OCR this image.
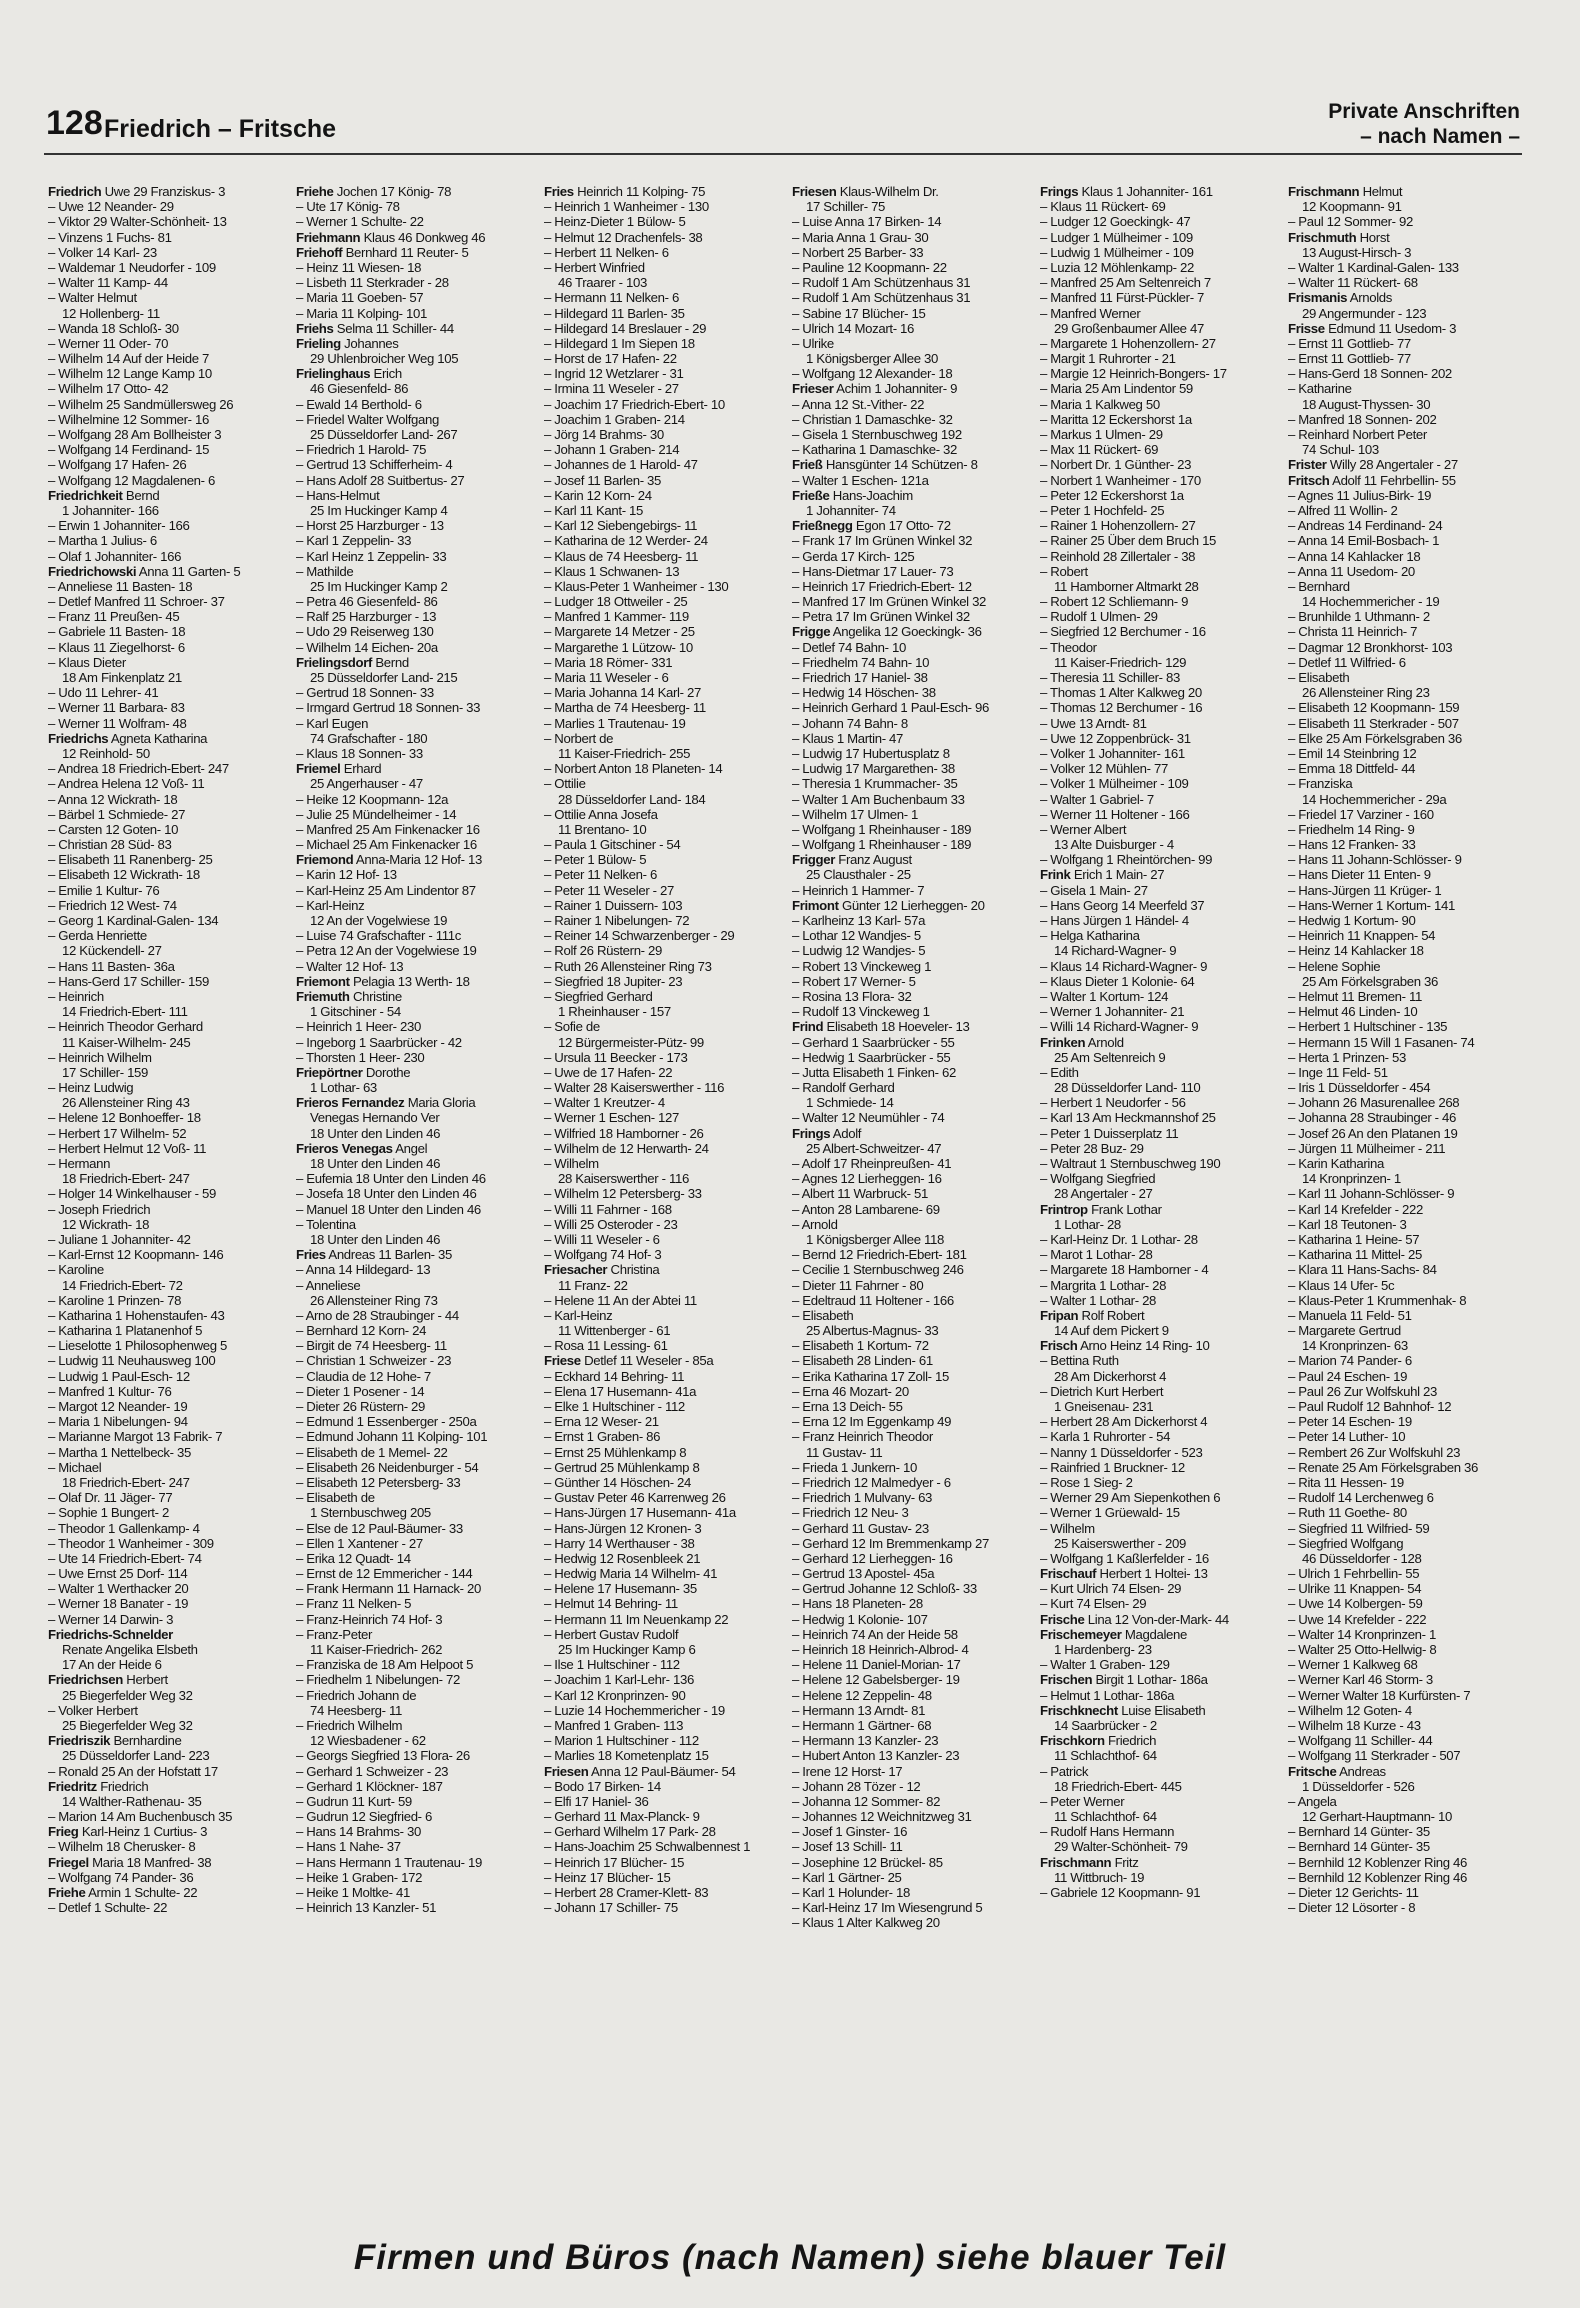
128 Friedrich – Fritsche
Private Anschriften
– nach Namen –
Friedrich Uwe 29 Franziskus- 3
– Uwe 12 Neander- 29
– Viktor 29 Walter-Schönheit- 13
– Vinzens 1 Fuchs- 81
– Volker 14 Karl- 23
– Waldemar 1 Neudorfer - 109
– Walter 11 Kamp- 44
– Walter Helmut
12 Hollenberg- 11
– Wanda 18 Schloß- 30
– Werner 11 Oder- 70
– Wilhelm 14 Auf der Heide 7
– Wilhelm 12 Lange Kamp 10
– Wilhelm 17 Otto- 42
– Wilhelm 25 Sandmüllersweg 26
– Wilhelmine 12 Sommer- 16
– Wolfgang 28 Am Bollheister 3
– Wolfgang 14 Ferdinand- 15
– Wolfgang 17 Hafen- 26
– Wolfgang 12 Magdalenen- 6
Friedrichkeit Bernd
1 Johanniter- 166
– Erwin 1 Johanniter- 166
– Martha 1 Julius- 6
– Olaf 1 Johanniter- 166
Friedrichowski Anna 11 Garten- 5
– Anneliese 11 Basten- 18
– Detlef Manfred 11 Schroer- 37
– Franz 11 Preußen- 45
– Gabriele 11 Basten- 18
– Klaus 11 Ziegelhorst- 6
– Klaus Dieter
18 Am Finkenplatz 21
– Udo 11 Lehrer- 41
– Werner 11 Barbara- 83
– Werner 11 Wolfram- 48
Friedrichs Agneta Katharina
12 Reinhold- 50
– Andrea 18 Friedrich-Ebert- 247
– Andrea Helena 12 Voß- 11
– Anna 12 Wickrath- 18
– Bärbel 1 Schmiede- 27
– Carsten 12 Goten- 10
– Christian 28 Süd- 83
– Elisabeth 11 Ranenberg- 25
– Elisabeth 12 Wickrath- 18
– Emilie 1 Kultur- 76
– Friedrich 12 West- 74
– Georg 1 Kardinal-Galen- 134
– Gerda Henriette
12 Kückendell- 27
– Hans 11 Basten- 36a
– Hans-Gerd 17 Schiller- 159
– Heinrich
14 Friedrich-Ebert- 111
– Heinrich Theodor Gerhard
11 Kaiser-Wilhelm- 245
– Heinrich Wilhelm
17 Schiller- 159
– Heinz Ludwig
26 Allensteiner Ring 43
– Helene 12 Bonhoeffer- 18
– Herbert 17 Wilhelm- 52
– Herbert Helmut 12 Voß- 11
– Hermann
18 Friedrich-Ebert- 247
– Holger 14 Winkelhauser - 59
– Joseph Friedrich
12 Wickrath- 18
– Juliane 1 Johanniter- 42
– Karl-Ernst 12 Koopmann- 146
– Karoline
14 Friedrich-Ebert- 72
– Karoline 1 Prinzen- 78
– Katharina 1 Hohenstaufen- 43
– Katharina 1 Platanenhof 5
– Lieselotte 1 Philosophenweg 5
– Ludwig 11 Neuhausweg 100
– Ludwig 1 Paul-Esch- 12
– Manfred 1 Kultur- 76
– Margot 12 Neander- 19
– Maria 1 Nibelungen- 94
– Marianne Margot 13 Fabrik- 7
– Martha 1 Nettelbeck- 35
– Michael
18 Friedrich-Ebert- 247
– Olaf Dr. 11 Jäger- 77
– Sophie 1 Bungert- 2
– Theodor 1 Gallenkamp- 4
– Theodor 1 Wanheimer - 309
– Ute 14 Friedrich-Ebert- 74
– Uwe Ernst 25 Dorf- 114
– Walter 1 Werthacker 20
– Werner 18 Banater - 19
– Werner 14 Darwin- 3
Friedrichs-Schnelder
Renate Angelika Elsbeth
17 An der Heide 6
Friedrichsen Herbert
25 Biegerfelder Weg 32
– Volker Herbert
25 Biegerfelder Weg 32
Friedriszik Bernhardine
25 Düsseldorfer Land- 223
– Ronald 25 An der Hofstatt 17
Friedritz Friedrich
14 Walther-Rathenau- 35
– Marion 14 Am Buchenbusch 35
Frieg Karl-Heinz 1 Curtius- 3
– Wilhelm 18 Cherusker- 8
Friegel Maria 18 Manfred- 38
– Wolfgang 74 Pander- 36
Friehe Armin 1 Schulte- 22
– Detlef 1 Schulte- 22
Friehe Jochen 17 König- 78
– Ute 17 König- 78
– Werner 1 Schulte- 22
Friehmann Klaus 46 Donkweg 46
Friehoff Bernhard 11 Reuter- 5
– Heinz 11 Wiesen- 18
– Lisbeth 11 Sterkrader - 28
– Maria 11 Goeben- 57
– Maria 11 Kolping- 101
Friehs Selma 11 Schiller- 44
Frieling Johannes
29 Uhlenbroicher Weg 105
Frielinghaus Erich
46 Giesenfeld- 86
– Ewald 14 Berthold- 6
– Friedel Walter Wolfgang
25 Düsseldorfer Land- 267
– Friedrich 1 Harold- 75
– Gertrud 13 Schifferheim- 4
– Hans Adolf 28 Suitbertus- 27
– Hans-Helmut
25 Im Huckinger Kamp 4
– Horst 25 Harzburger - 13
– Karl 1 Zeppelin- 33
– Karl Heinz 1 Zeppelin- 33
– Mathilde
25 Im Huckinger Kamp 2
– Petra 46 Giesenfeld- 86
– Ralf 25 Harzburger - 13
– Udo 29 Reiserweg 130
– Wilhelm 14 Eichen- 20a
Frielingsdorf Bernd
25 Düsseldorfer Land- 215
– Gertrud 18 Sonnen- 33
– Irmgard Gertrud 18 Sonnen- 33
– Karl Eugen
74 Grafschafter - 180
– Klaus 18 Sonnen- 33
Friemel Erhard
25 Angerhauser - 47
– Heike 12 Koopmann- 12a
– Julie 25 Mündelheimer - 14
– Manfred 25 Am Finkenacker 16
– Michael 25 Am Finkenacker 16
Friemond Anna-Maria 12 Hof- 13
– Karin 12 Hof- 13
– Karl-Heinz 25 Am Lindentor 87
– Karl-Heinz
12 An der Vogelwiese 19
– Luise 74 Grafschafter - 111c
– Petra 12 An der Vogelwiese 19
– Walter 12 Hof- 13
Friemont Pelagia 13 Werth- 18
Friemuth Christine
1 Gitschiner - 54
– Heinrich 1 Heer- 230
– Ingeborg 1 Saarbrücker - 42
– Thorsten 1 Heer- 230
Friepörtner Dorothe
1 Lothar- 63
Frieros Fernandez Maria Gloria
Venegas Hernando Ver
18 Unter den Linden 46
Frieros Venegas Angel
18 Unter den Linden 46
– Eufemia 18 Unter den Linden 46
– Josefa 18 Unter den Linden 46
– Manuel 18 Unter den Linden 46
– Tolentina
18 Unter den Linden 46
Fries Andreas 11 Barlen- 35
– Anna 14 Hildegard- 13
– Anneliese
26 Allensteiner Ring 73
– Arno de 28 Straubinger - 44
– Bernhard 12 Korn- 24
– Birgit de 74 Heesberg- 11
– Christian 1 Schweizer - 23
– Claudia de 12 Hohe- 7
– Dieter 1 Posener - 14
– Dieter 26 Rüstern- 29
– Edmund 1 Essenberger - 250a
– Edmund Johann 11 Kolping- 101
– Elisabeth de 1 Memel- 22
– Elisabeth 26 Neidenburger - 54
– Elisabeth 12 Petersberg- 33
– Elisabeth de
1 Sternbuschweg 205
– Else de 12 Paul-Bäumer- 33
– Ellen 1 Xantener - 27
– Erika 12 Quadt- 14
– Ernst de 12 Emmericher - 144
– Frank Hermann 11 Harnack- 20
– Franz 11 Nelken- 5
– Franz-Heinrich 74 Hof- 3
– Franz-Peter
11 Kaiser-Friedrich- 262
– Franziska de 18 Am Helpoot 5
– Friedhelm 1 Nibelungen- 72
– Friedrich Johann de
74 Heesberg- 11
– Friedrich Wilhelm
12 Wiesbadener - 62
– Georgs Siegfried 13 Flora- 26
– Gerhard 1 Schweizer - 23
– Gerhard 1 Klöckner- 187
– Gudrun 11 Kurt- 59
– Gudrun 12 Siegfried- 6
– Hans 14 Brahms- 30
– Hans 1 Nahe- 37
– Hans Hermann 1 Trautenau- 19
– Heike 1 Graben- 172
– Heike 1 Moltke- 41
– Heinrich 13 Kanzler- 51
Fries Heinrich 11 Kolping- 75
– Heinrich 1 Wanheimer - 130
– Heinz-Dieter 1 Bülow- 5
– Helmut 12 Drachenfels- 38
– Herbert 11 Nelken- 6
– Herbert Winfried
46 Traarer - 103
– Hermann 11 Nelken- 6
– Hildegard 11 Barlen- 35
– Hildegard 14 Breslauer - 29
– Hildegard 1 Im Siepen 18
– Horst de 17 Hafen- 22
– Ingrid 12 Wetzlarer - 31
– Irmina 11 Weseler - 27
– Joachim 17 Friedrich-Ebert- 10
– Joachim 1 Graben- 214
– Jörg 14 Brahms- 30
– Johann 1 Graben- 214
– Johannes de 1 Harold- 47
– Josef 11 Barlen- 35
– Karin 12 Korn- 24
– Karl 11 Kant- 15
– Karl 12 Siebengebirgs- 11
– Katharina de 12 Werder- 24
– Klaus de 74 Heesberg- 11
– Klaus 1 Schwanen- 13
– Klaus-Peter 1 Wanheimer - 130
– Ludger 18 Ottweiler - 25
– Manfred 1 Kammer- 119
– Margarete 14 Metzer - 25
– Margarethe 1 Lützow- 10
– Maria 18 Römer- 331
– Maria 11 Weseler - 6
– Maria Johanna 14 Karl- 27
– Martha de 74 Heesberg- 11
– Marlies 1 Trautenau- 19
– Norbert de
11 Kaiser-Friedrich- 255
– Norbert Anton 18 Planeten- 14
– Ottilie
28 Düsseldorfer Land- 184
– Ottilie Anna Josefa
11 Brentano- 10
– Paula 1 Gitschiner - 54
– Peter 1 Bülow- 5
– Peter 11 Nelken- 6
– Peter 11 Weseler - 27
– Rainer 1 Duissern- 103
– Rainer 1 Nibelungen- 72
– Reiner 14 Schwarzenberger - 29
– Rolf 26 Rüstern- 29
– Ruth 26 Allensteiner Ring 73
– Siegfried 18 Jupiter- 23
– Siegfried Gerhard
1 Rheinhauser - 157
– Sofie de
12 Bürgermeister-Pütz- 99
– Ursula 11 Beecker - 173
– Uwe de 17 Hafen- 22
– Walter 28 Kaiserswerther - 116
– Walter 1 Kreutzer- 4
– Werner 1 Eschen- 127
– Wilfried 18 Hamborner - 26
– Wilhelm de 12 Herwarth- 24
– Wilhelm
28 Kaiserswerther - 116
– Wilhelm 12 Petersberg- 33
– Willi 11 Fahrner - 168
– Willi 25 Osteroder - 23
– Willi 11 Weseler - 6
– Wolfgang 74 Hof- 3
Friesacher Christina
11 Franz- 22
– Helene 11 An der Abtei 11
– Karl-Heinz
11 Wittenberger - 61
– Rosa 11 Lessing- 61
Friese Detlef 11 Weseler - 85a
– Eckhard 14 Behring- 11
– Elena 17 Husemann- 41a
– Elke 1 Hultschiner - 112
– Erna 12 Weser- 21
– Ernst 1 Graben- 86
– Ernst 25 Mühlenkamp 8
– Gertrud 25 Mühlenkamp 8
– Günther 14 Höschen- 24
– Gustav Peter 46 Karrenweg 26
– Hans-Jürgen 17 Husemann- 41a
– Hans-Jürgen 12 Kronen- 3
– Harry 14 Werthauser - 38
– Hedwig 12 Rosenbleek 21
– Hedwig Maria 14 Wilhelm- 41
– Helene 17 Husemann- 35
– Helmut 14 Behring- 11
– Hermann 11 Im Neuenkamp 22
– Herbert Gustav Rudolf
25 Im Huckinger Kamp 6
– Ilse 1 Hultschiner - 112
– Joachim 1 Karl-Lehr- 136
– Karl 12 Kronprinzen- 90
– Luzie 14 Hochemmericher - 19
– Manfred 1 Graben- 113
– Marion 1 Hultschiner - 112
– Marlies 18 Kometenplatz 15
Friesen Anna 12 Paul-Bäumer- 54
– Bodo 17 Birken- 14
– Elfi 17 Haniel- 36
– Gerhard 11 Max-Planck- 9
– Gerhard Wilhelm 17 Park- 28
– Hans-Joachim 25 Schwalbennest 1
– Heinrich 17 Blücher- 15
– Heinz 17 Blücher- 15
– Herbert 28 Cramer-Klett- 83
– Johann 17 Schiller- 75
Friesen Klaus-Wilhelm Dr.
17 Schiller- 75
– Luise Anna 17 Birken- 14
– Maria Anna 1 Grau- 30
– Norbert 25 Barber- 33
– Pauline 12 Koopmann- 22
– Rudolf 1 Am Schützenhaus 31
– Rudolf 1 Am Schützenhaus 31
– Sabine 17 Blücher- 15
– Ulrich 14 Mozart- 16
– Ulrike
1 Königsberger Allee 30
– Wolfgang 12 Alexander- 18
Frieser Achim 1 Johanniter- 9
– Anna 12 St.-Vither- 22
– Christian 1 Damaschke- 32
– Gisela 1 Sternbuschweg 192
– Katharina 1 Damaschke- 32
Frieß Hansgünter 14 Schützen- 8
– Walter 1 Eschen- 121a
Frieße Hans-Joachim
1 Johanniter- 74
Frießnegg Egon 17 Otto- 72
– Frank 17 Im Grünen Winkel 32
– Gerda 17 Kirch- 125
– Hans-Dietmar 17 Lauer- 73
– Heinrich 17 Friedrich-Ebert- 12
– Manfred 17 Im Grünen Winkel 32
– Petra 17 Im Grünen Winkel 32
Frigge Angelika 12 Goeckingk- 36
– Detlef 74 Bahn- 10
– Friedhelm 74 Bahn- 10
– Friedrich 17 Haniel- 38
– Hedwig 14 Höschen- 38
– Heinrich Gerhard 1 Paul-Esch- 96
– Johann 74 Bahn- 8
– Klaus 1 Martin- 47
– Ludwig 17 Hubertusplatz 8
– Ludwig 17 Margarethen- 38
– Theresia 1 Krummacher- 35
– Walter 1 Am Buchenbaum 33
– Wilhelm 17 Ulmen- 1
– Wolfgang 1 Rheinhauser - 189
– Wolfgang 1 Rheinhauser - 189
Frigger Franz August
25 Clausthaler - 25
– Heinrich 1 Hammer- 7
Frimont Günter 12 Lierheggen- 20
– Karlheinz 13 Karl- 57a
– Lothar 12 Wandjes- 5
– Ludwig 12 Wandjes- 5
– Robert 13 Vinckeweg 1
– Robert 17 Werner- 5
– Rosina 13 Flora- 32
– Rudolf 13 Vinckeweg 1
Frind Elisabeth 18 Hoeveler- 13
– Gerhard 1 Saarbrücker - 55
– Hedwig 1 Saarbrücker - 55
– Jutta Elisabeth 1 Finken- 62
– Randolf Gerhard
1 Schmiede- 14
– Walter 12 Neumühler - 74
Frings Adolf
25 Albert-Schweitzer- 47
– Adolf 17 Rheinpreußen- 41
– Agnes 12 Lierheggen- 16
– Albert 11 Warbruck- 51
– Anton 28 Lambarene- 69
– Arnold
1 Königsberger Allee 118
– Bernd 12 Friedrich-Ebert- 181
– Cecilie 1 Sternbuschweg 246
– Dieter 11 Fahrner - 80
– Edeltraud 11 Holtener - 166
– Elisabeth
25 Albertus-Magnus- 33
– Elisabeth 1 Kortum- 72
– Elisabeth 28 Linden- 61
– Erika Katharina 17 Zoll- 15
– Erna 46 Mozart- 20
– Erna 13 Deich- 55
– Erna 12 Im Eggenkamp 49
– Franz Heinrich Theodor
11 Gustav- 11
– Frieda 1 Junkern- 10
– Friedrich 12 Malmedyer - 6
– Friedrich 1 Mulvany- 63
– Friedrich 12 Neu- 3
– Gerhard 11 Gustav- 23
– Gerhard 12 Im Bremmenkamp 27
– Gerhard 12 Lierheggen- 16
– Gertrud 13 Apostel- 45a
– Gertrud Johanne 12 Schloß- 33
– Hans 18 Planeten- 28
– Hedwig 1 Kolonie- 107
– Heinrich 74 An der Heide 58
– Heinrich 18 Heinrich-Albrod- 4
– Helene 11 Daniel-Morian- 17
– Helene 12 Gabelsberger- 19
– Helene 12 Zeppelin- 48
– Hermann 13 Arndt- 81
– Hermann 1 Gärtner- 68
– Hermann 13 Kanzler- 23
– Hubert Anton 13 Kanzler- 23
– Irene 12 Horst- 17
– Johann 28 Tözer - 12
– Johanna 12 Sommer- 82
– Johannes 12 Weichnitzweg 31
– Josef 1 Ginster- 16
– Josef 13 Schill- 11
– Josephine 12 Brückel- 85
– Karl 1 Gärtner- 25
– Karl 1 Holunder- 18
– Karl-Heinz 17 Im Wiesengrund 5
– Klaus 1 Alter Kalkweg 20
Frings Klaus 1 Johanniter- 161
– Klaus 11 Rückert- 69
– Ludger 12 Goeckingk- 47
– Ludger 1 Mülheimer - 109
– Ludwig 1 Mülheimer - 109
– Luzia 12 Möhlenkamp- 22
– Manfred 25 Am Seltenreich 7
– Manfred 11 Fürst-Pückler- 7
– Manfred Werner
29 Großenbaumer Allee 47
– Margarete 1 Hohenzollern- 27
– Margit 1 Ruhrorter - 21
– Margie 12 Heinrich-Bongers- 17
– Maria 25 Am Lindentor 59
– Maria 1 Kalkweg 50
– Maritta 12 Eckershorst 1a
– Markus 1 Ulmen- 29
– Max 11 Rückert- 69
– Norbert Dr. 1 Günther- 23
– Norbert 1 Wanheimer - 170
– Peter 12 Eckershorst 1a
– Peter 1 Hochfeld- 25
– Rainer 1 Hohenzollern- 27
– Rainer 25 Über dem Bruch 15
– Reinhold 28 Zillertaler - 38
– Robert
11 Hamborner Altmarkt 28
– Robert 12 Schliemann- 9
– Rudolf 1 Ulmen- 29
– Siegfried 12 Berchumer - 16
– Theodor
11 Kaiser-Friedrich- 129
– Theresia 11 Schiller- 83
– Thomas 1 Alter Kalkweg 20
– Thomas 12 Berchumer - 16
– Uwe 13 Arndt- 81
– Uwe 12 Zoppenbrück- 31
– Volker 1 Johanniter- 161
– Volker 12 Mühlen- 77
– Volker 1 Mülheimer - 109
– Walter 1 Gabriel- 7
– Werner 11 Holtener - 166
– Werner Albert
13 Alte Duisburger - 4
– Wolfgang 1 Rheintörchen- 99
Frink Erich 1 Main- 27
– Gisela 1 Main- 27
– Hans Georg 14 Meerfeld 37
– Hans Jürgen 1 Händel- 4
– Helga Katharina
14 Richard-Wagner- 9
– Klaus 14 Richard-Wagner- 9
– Klaus Dieter 1 Kolonie- 64
– Walter 1 Kortum- 124
– Werner 1 Johanniter- 21
– Willi 14 Richard-Wagner- 9
Frinken Arnold
25 Am Seltenreich 9
– Edith
28 Düsseldorfer Land- 110
– Herbert 1 Neudorfer - 56
– Karl 13 Am Heckmannshof 25
– Peter 1 Duisserplatz 11
– Peter 28 Buz- 29
– Waltraut 1 Sternbuschweg 190
– Wolfgang Siegfried
28 Angertaler - 27
Frintrop Frank Lothar
1 Lothar- 28
– Karl-Heinz Dr. 1 Lothar- 28
– Marot 1 Lothar- 28
– Margarete 18 Hamborner - 4
– Margrita 1 Lothar- 28
– Walter 1 Lothar- 28
Fripan Rolf Robert
14 Auf dem Pickert 9
Frisch Arno Heinz 14 Ring- 10
– Bettina Ruth
28 Am Dickerhorst 4
– Dietrich Kurt Herbert
1 Gneisenau- 231
– Herbert 28 Am Dickerhorst 4
– Karla 1 Ruhrorter - 54
– Nanny 1 Düsseldorfer - 523
– Rainfried 1 Bruckner- 12
– Rose 1 Sieg- 2
– Werner 29 Am Siepenkothen 6
– Werner 1 Grüewald- 15
– Wilhelm
25 Kaiserswerther - 209
– Wolfgang 1 Kaßlerfelder - 16
Frischauf Herbert 1 Holtei- 13
– Kurt Ulrich 74 Elsen- 29
– Kurt 74 Elsen- 29
Frische Lina 12 Von-der-Mark- 44
Frischemeyer Magdalene
1 Hardenberg- 23
– Walter 1 Graben- 129
Frischen Birgit 1 Lothar- 186a
– Helmut 1 Lothar- 186a
Frischknecht Luise Elisabeth
14 Saarbrücker - 2
Frischkorn Friedrich
11 Schlachthof- 64
– Patrick
18 Friedrich-Ebert- 445
– Peter Werner
11 Schlachthof- 64
– Rudolf Hans Hermann
29 Walter-Schönheit- 79
Frischmann Fritz
11 Wittbruch- 19
– Gabriele 12 Koopmann- 91
Frischmann Helmut
12 Koopmann- 91
– Paul 12 Sommer- 92
Frischmuth Horst
13 August-Hirsch- 3
– Walter 1 Kardinal-Galen- 133
– Walter 11 Rückert- 68
Frismanis Arnolds
29 Angermunder - 123
Frisse Edmund 11 Usedom- 3
– Ernst 11 Gottlieb- 77
– Ernst 11 Gottlieb- 77
– Hans-Gerd 18 Sonnen- 202
– Katharine
18 August-Thyssen- 30
– Manfred 18 Sonnen- 202
– Reinhard Norbert Peter
74 Schul- 103
Frister Willy 28 Angertaler - 27
Fritsch Adolf 11 Fehrbellin- 55
– Agnes 11 Julius-Birk- 19
– Alfred 11 Wollin- 2
– Andreas 14 Ferdinand- 24
– Anna 14 Emil-Bosbach- 1
– Anna 14 Kahlacker 18
– Anna 11 Usedom- 20
– Bernhard
14 Hochemmericher - 19
– Brunhilde 1 Uthmann- 2
– Christa 11 Heinrich- 7
– Dagmar 12 Bronkhorst- 103
– Detlef 11 Wilfried- 6
– Elisabeth
26 Allensteiner Ring 23
– Elisabeth 12 Koopmann- 159
– Elisabeth 11 Sterkrader - 507
– Elke 25 Am Förkelsgraben 36
– Emil 14 Steinbring 12
– Emma 18 Dittfeld- 44
– Franziska
14 Hochemmericher - 29a
– Friedel 17 Varziner - 160
– Friedhelm 14 Ring- 9
– Hans 12 Franken- 33
– Hans 11 Johann-Schlösser- 9
– Hans Dieter 11 Enten- 9
– Hans-Jürgen 11 Krüger- 1
– Hans-Werner 1 Kortum- 141
– Hedwig 1 Kortum- 90
– Heinrich 11 Knappen- 54
– Heinz 14 Kahlacker 18
– Helene Sophie
25 Am Förkelsgraben 36
– Helmut 11 Bremen- 11
– Helmut 46 Linden- 10
– Herbert 1 Hultschiner - 135
– Hermann 15 Will 1 Fasanen- 74
– Herta 1 Prinzen- 53
– Inge 11 Feld- 51
– Iris 1 Düsseldorfer - 454
– Johann 26 Masurenallee 268
– Johanna 28 Straubinger - 46
– Josef 26 An den Platanen 19
– Jürgen 11 Mülheimer - 211
– Karin Katharina
14 Kronprinzen- 1
– Karl 11 Johann-Schlösser- 9
– Karl 14 Krefelder - 222
– Karl 18 Teutonen- 3
– Katharina 1 Heine- 57
– Katharina 11 Mittel- 25
– Klara 11 Hans-Sachs- 84
– Klaus 14 Ufer- 5c
– Klaus-Peter 1 Krummenhak- 8
– Manuela 11 Feld- 51
– Margarete Gertrud
14 Kronprinzen- 63
– Marion 74 Pander- 6
– Paul 24 Eschen- 19
– Paul 26 Zur Wolfskuhl 23
– Paul Rudolf 12 Bahnhof- 12
– Peter 14 Eschen- 19
– Peter 14 Luther- 10
– Rembert 26 Zur Wolfskuhl 23
– Renate 25 Am Förkelsgraben 36
– Rita 11 Hessen- 19
– Rudolf 14 Lerchenweg 6
– Ruth 11 Goethe- 80
– Siegfried 11 Wilfried- 59
– Siegfried Wolfgang
46 Düsseldorfer - 128
– Ulrich 1 Fehrbellin- 55
– Ulrike 11 Knappen- 54
– Uwe 14 Kolbergen- 59
– Uwe 14 Krefelder - 222
– Walter 14 Kronprinzen- 1
– Walter 25 Otto-Hellwig- 8
– Werner 1 Kalkweg 68
– Werner Karl 46 Storm- 3
– Werner Walter 18 Kurfürsten- 7
– Wilhelm 12 Goten- 4
– Wilhelm 18 Kurze - 43
– Wolfgang 11 Schiller- 44
– Wolfgang 11 Sterkrader - 507
Fritsche Andreas
1 Düsseldorfer - 526
– Angela
12 Gerhart-Hauptmann- 10
– Bernhard 14 Günter- 35
– Bernhard 14 Günter- 35
– Bernhild 12 Koblenzer Ring 46
– Bernhild 12 Koblenzer Ring 46
– Dieter 12 Gerichts- 11
– Dieter 12 Lösorter - 8
Firmen und Büros (nach Namen) siehe blauer Teil
